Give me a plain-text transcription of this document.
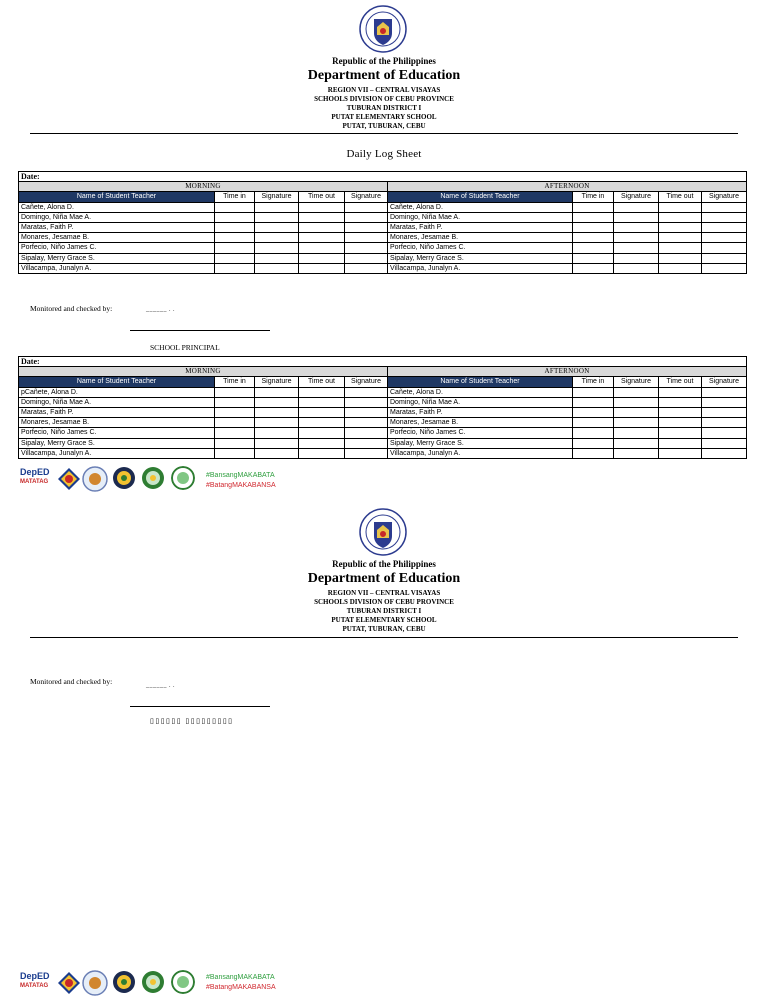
Republic of the Philippines
Department of Education
REGION VII – CENTRAL VISAYAS
SCHOOLS DIVISION OF CEBU PROVINCE
TUBURAN DISTRICT I
PUTAT ELEMENTARY SCHOOL
PUTAT, TUBURAN, CEBU
Daily Log Sheet
Date:									
MORNING					AFTERNOON				
Name of Student Teacher	Time in	Signature	Time out	Signature	Name of Student Teacher	Time in	Signature	Time out	Signature
Cañete, Alona D.					Cañete, Alona D.				
Domingo, Niña Mae A.					Domingo, Niña Mae A.				
Maratas, Faith P.					Maratas, Faith P.				
Monares, Jesamae B.					Monares, Jesamae B.				
Porfecio, Niño James C.					Porfecio, Niño James C.				
Sipalay, Merry Grace S.					Sipalay, Merry Grace S.				
Villacampa, Junalyn A.					Villacampa, Junalyn A.				
Monitored and checked by:	______ . .
SCHOOL PRINCIPAL
Date:									
MORNING					AFTERNOON				
Name of Student Teacher	Time in	Signature	Time out	Signature	Name of Student Teacher	Time in	Signature	Time out	Signature
pCañete, Alona D.					Cañete, Alona D.				
Domingo, Niña Mae A.					Domingo, Niña Mae A.				
Maratas, Faith P.					Maratas, Faith P.				
Monares, Jesamae B.					Monares, Jesamae B.				
Porfecio, Niño James C.					Porfecio, Niño James C.				
Sipalay, Merry Grace S.					Sipalay, Merry Grace S.				
Villacampa, Junalyn A.					Villacampa, Junalyn A.				
DepED
MATATAG
#BansangMAKABATA
#BatangMAKABANSA
Republic of the Philippines
Department of Education
REGION VII – CENTRAL VISAYAS
SCHOOLS DIVISION OF CEBU PROVINCE
TUBURAN DISTRICT I
PUTAT ELEMENTARY SCHOOL
PUTAT, TUBURAN, CEBU
Monitored and checked by:	______ . .
▯▯▯▯▯▯ ▯▯▯▯▯▯▯▯▯
DepED
MATATAG
#BansangMAKABATA
#BatangMAKABANSA
